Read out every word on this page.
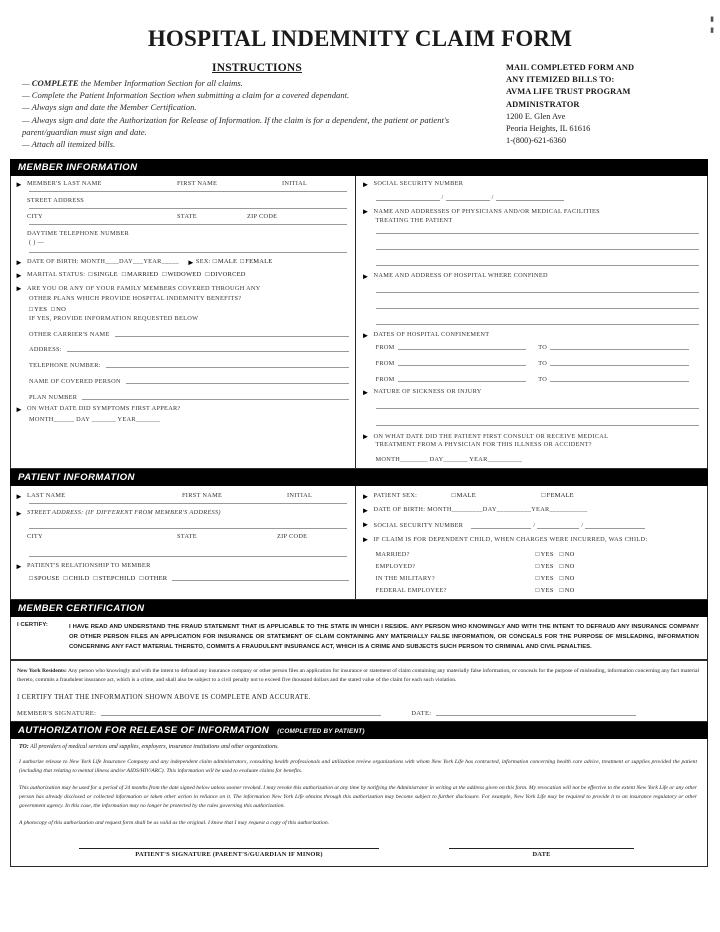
HOSPITAL INDEMNITY CLAIM FORM
INSTRUCTIONS
— COMPLETE the Member Information Section for all claims.
— Complete the Patient Information Section when submitting a claim for a covered dependant.
— Always sign and date the Member Certification.
— Always sign and date the Authorization for Release of Information. If the claim is for a dependent, the patient or patient's parent/guardian must sign and date.
— Attach all itemized bills.
MAIL COMPLETED FORM AND
ANY ITEMIZED BILLS TO:
AVMA LIFE TRUST PROGRAM
ADMINISTRATOR
1200 E. Glen Ave
Peoria Heights, IL 61616
1-(800)-621-6360
▮
▮
MEMBER INFORMATION
► MEMBER'S LAST NAME	FIRST NAME	INITIAL
STREET ADDRESS
CITY	STATE	ZIP CODE
DAYTIME TELEPHONE NUMBER
( ) —
► DATE OF BIRTH: MONTH____DAY___YEAR_____ ► SEX:	□ MALE	□ FEMALE
► MARITAL STATUS:	□ SINGLE	□ MARRIED	□ WIDOWED	□ DIVORCED
► ARE YOU OR ANY OF YOUR FAMILY MEMBERS COVERED THROUGH ANY
OTHER PLANS WHICH PROVIDE HOSPITAL INDEMNITY BENEFITS?
□ YES	□ NO
IF YES, PROVIDE INFORMATION REQUESTED BELOW
OTHER CARRIER'S NAME
ADDRESS:
TELEPHONE NUMBER:
NAME OF COVERED PERSON
PLAN NUMBER
► ON WHAT DATE DID SYMPTOMS FIRST APPEAR?
MONTH______ DAY _______ YEAR_______
► SOCIAL SECURITY NUMBER
/	/
► NAME AND ADDRESSES OF PHYSICIANS AND/OR MEDICAL FACILITIES
TREATING THE PATIENT
► NAME AND ADDRESS OF HOSPITAL WHERE CONFINED
► DATES OF HOSPITAL CONFINEMENT
FROM	TO
FROM	TO
FROM	TO
► NATURE OF SICKNESS OR INJURY
► ON WHAT DATE DID THE PATIENT FIRST CONSULT OR RECEIVE MEDICAL
TREATMENT FROM A PHYSICIAN FOR THIS ILLNESS OR ACCIDENT?
MONTH________ DAY_______ YEAR__________
PATIENT INFORMATION
► LAST NAME	FIRST NAME	INITIAL
► STREET ADDRESS: (IF DIFFERENT FROM MEMBER'S ADDRESS)
CITY	STATE	ZIP CODE
► PATIENT'S RELATIONSHIP TO MEMBER
□ SPOUSE	□ CHILD	□ STEPCHILD	□ OTHER
► PATIENT SEX:	□ MALE	□ FEMALE
► DATE OF BIRTH: MONTH_________DAY__________YEAR___________
► SOCIAL SECURITY NUMBER	/	/
► IF CLAIM IS FOR DEPENDENT CHILD, WHEN CHARGES WERE INCURRED, WAS CHILD:
MARRIED?	□ YES	□ NO
EMPLOYED?	□ YES	□ NO
IN THE MILITARY?	□ YES	□ NO
FEDERAL EMPLOYEE?	□ YES	□ NO
MEMBER CERTIFICATION
I CERTIFY:	I HAVE READ AND UNDERSTAND THE FRAUD STATEMENT THAT IS APPLICABLE TO THE STATE IN WHICH I RESIDE. ANY PERSON WHO KNOWINGLY AND WITH THE INTENT TO DEFRAUD ANY INSURANCE COMPANY OR OTHER PERSON FILES AN APPLICATION FOR INSURANCE OR STATEMENT OF CLAIM CONTAINING ANY MATERIALLY FALSE INFORMATION, OR CONCEALS FOR THE PURPOSE OF MISLEADING, INFORMATION CONCERNING ANY FACT MATERIAL THERETO, COMMITS A FRAUDULENT INSURANCE ACT, WHICH IS A CRIME AND SUBJECTS SUCH PERSON TO CRIMINAL AND CIVIL PENALTIES.
New York Residents: Any person who knowingly and with the intent to defraud any insurance company or other person files an application for insurance or statement of claim containing any materially false information, or conceals for the purpose of misleading, information concerning any fact material thereto, commits a fraudulent insurance act, which is a crime, and shall also be subject to a civil penalty not to exceed five thousand dollars and the stated value of the claim for each such violation.
I CERTIFY THAT THE INFORMATION SHOWN ABOVE IS COMPLETE AND ACCURATE.
MEMBER'S SIGNATURE:	DATE:
AUTHORIZATION FOR RELEASE OF INFORMATION (COMPLETED BY PATIENT)
TO: All providers of medical services and supplies, employers, insurance institutions and other organizations.
I authorize release to New York Life Insurance Company and any independent claim administrators, consulting health professionals and utilization review organizations with whom New York Life has contracted, information concerning health care advice, treatment or supplies provided the patient (including that relating to mental illness and/or AIDS/HIV/ARC). This information will be used to evaluate claims for benefits.
This authorization may be used for a period of 24 months from the date signed below unless sooner revoked. I may revoke this authorization at any time by notifying the Administrator in writing at the address given on this form. My revocation will not be effective to the extent New York Life or any other person has already disclosed or collected information or taken other action in reliance on it. The information New York Life obtains through this authorization may become subject to further disclosure. For example, New York Life may be required to provide it to an insurance regulatory or other government agency. In this case, the information may no longer be protected by the rules governing this authorization.
A photocopy of this authorization and request form shall be as valid as the original. I know that I may request a copy of this authorization.
PATIENT'S SIGNATURE (PARENT'S/GUARDIAN IF MINOR)	DATE
